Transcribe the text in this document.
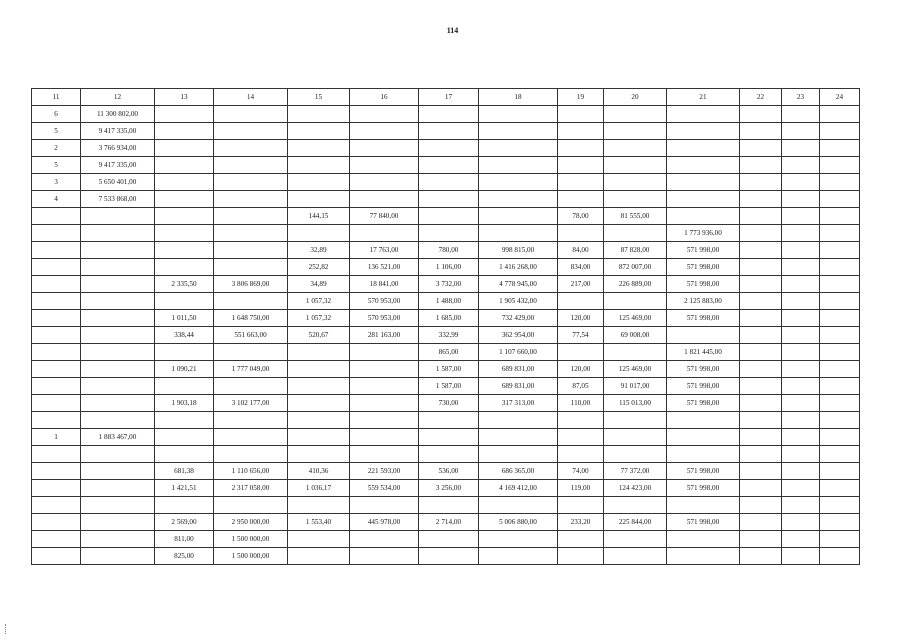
114
11	12	13	14	15	16	17	18	19	20	21	22	23	24
6	11 300 802,00												
5	9 417 335,00												
2	3 766 934,00												
5	9 417 335,00												
3	5 650 401,00												
4	7 533 868,00												
				144,15	77 840,00			78,00	81 555,00				
										1 773 936,00			
				32,89	17 763,00	780,00	998 815,00	84,00	87 828,00	571 998,00			
				252,82	136 521,00	1 106,00	1 416 268,00	834,00	872 007,00	571 998,00			
		2 335,50	3 806 869,00	34,89	18 841,00	3 732,00	4 778 945,00	217,00	226 889,00	571 998,00			
				1 057,32	570 953,00	1 488,00	1 905 432,00			2 125 883,00			
		1 011,50	1 648 750,00	1 057,32	570 953,00	1 685,00	732 429,00	120,00	125 469,00	571 998,00			
		338,44	551 663,00	520,67	281 163,00	332,99	362 954,00	77,54	69 008,00				
						865,00	1 107 660,00			1 821 445,00			
		1 090,21	1 777 049,00			1 587,00	689 831,00	120,00	125 469,00	571 998,00			
						1 587,00	689 831,00	87,05	91 017,00	571 998,00			
		1 903,18	3 102 177,00			730,00	317 313,00	110,00	115 013,00	571 998,00			

1	1 883 467,00												

		681,38	1 110 656,00	410,36	221 593,00	536,00	686 365,00	74,00	77 372,00	571 998,00			
		1 421,51	2 317 058,00	1 036,17	559 534,00	3 256,00	4 169 412,00	119,00	124 423,00	571 998,00			

		2 569,00	2 950 000,00	1 553,40	445 978,00	2 714,00	5 006 880,00	233,20	225 844,00	571 998,00			
		811,00	1 500 000,00										
		825,00	1 500 000,00										
